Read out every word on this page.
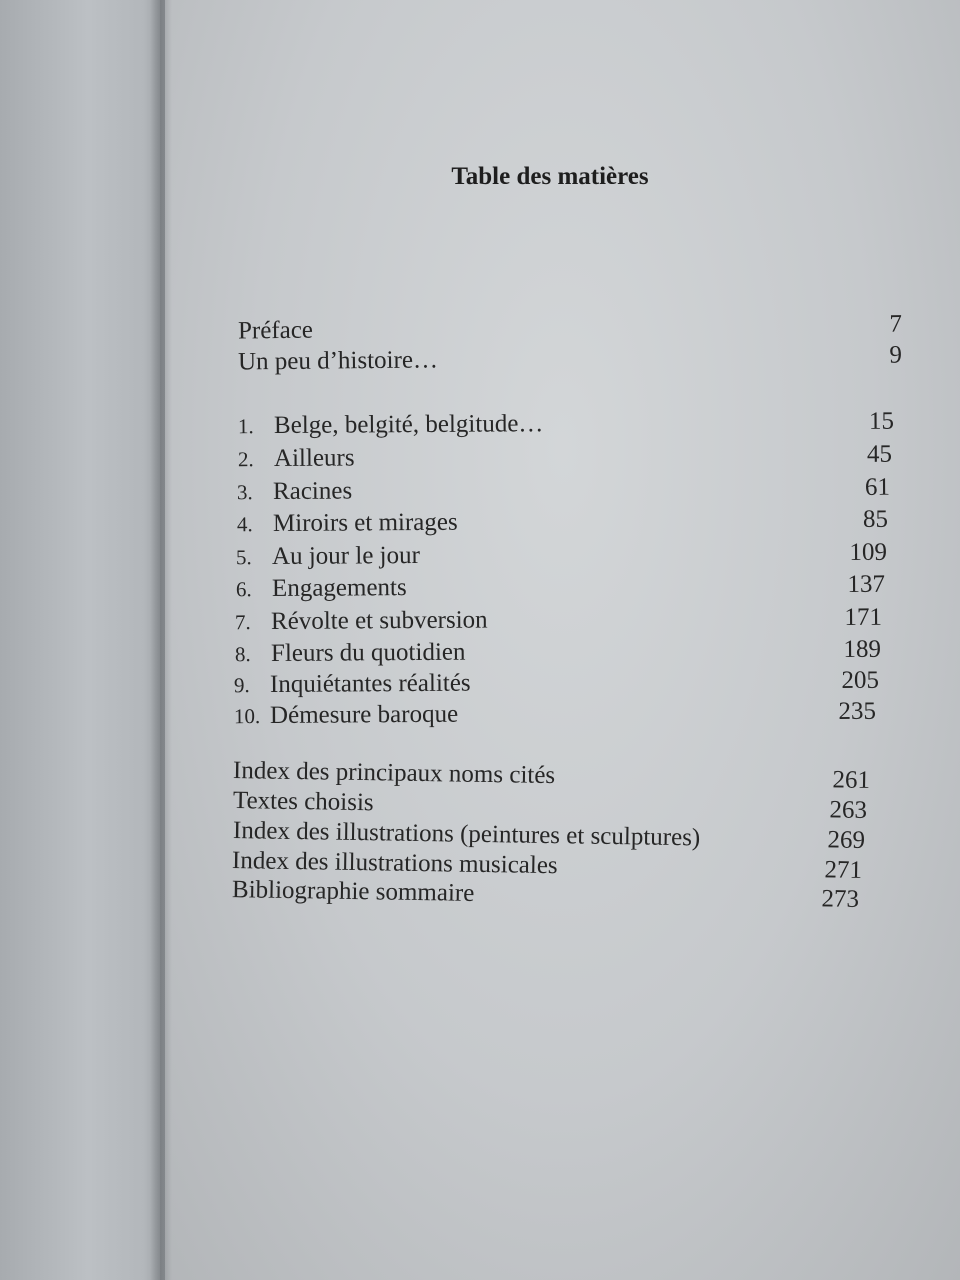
Table des matières
Préface	7
Un peu d’histoire…	9
1. Belge, belgité, belgitude…	15
2. Ailleurs	45
3. Racines	61
4. Miroirs et mirages	85
5. Au jour le jour	109
6. Engagements	137
7. Révolte et subversion	171
8. Fleurs du quotidien	189
9. Inquiétantes réalités	205
10. Démesure baroque	235
Index des principaux noms cités	261
Textes choisis	263
Index des illustrations (peintures et sculptures)	269
Index des illustrations musicales	271
Bibliographie sommaire	273
